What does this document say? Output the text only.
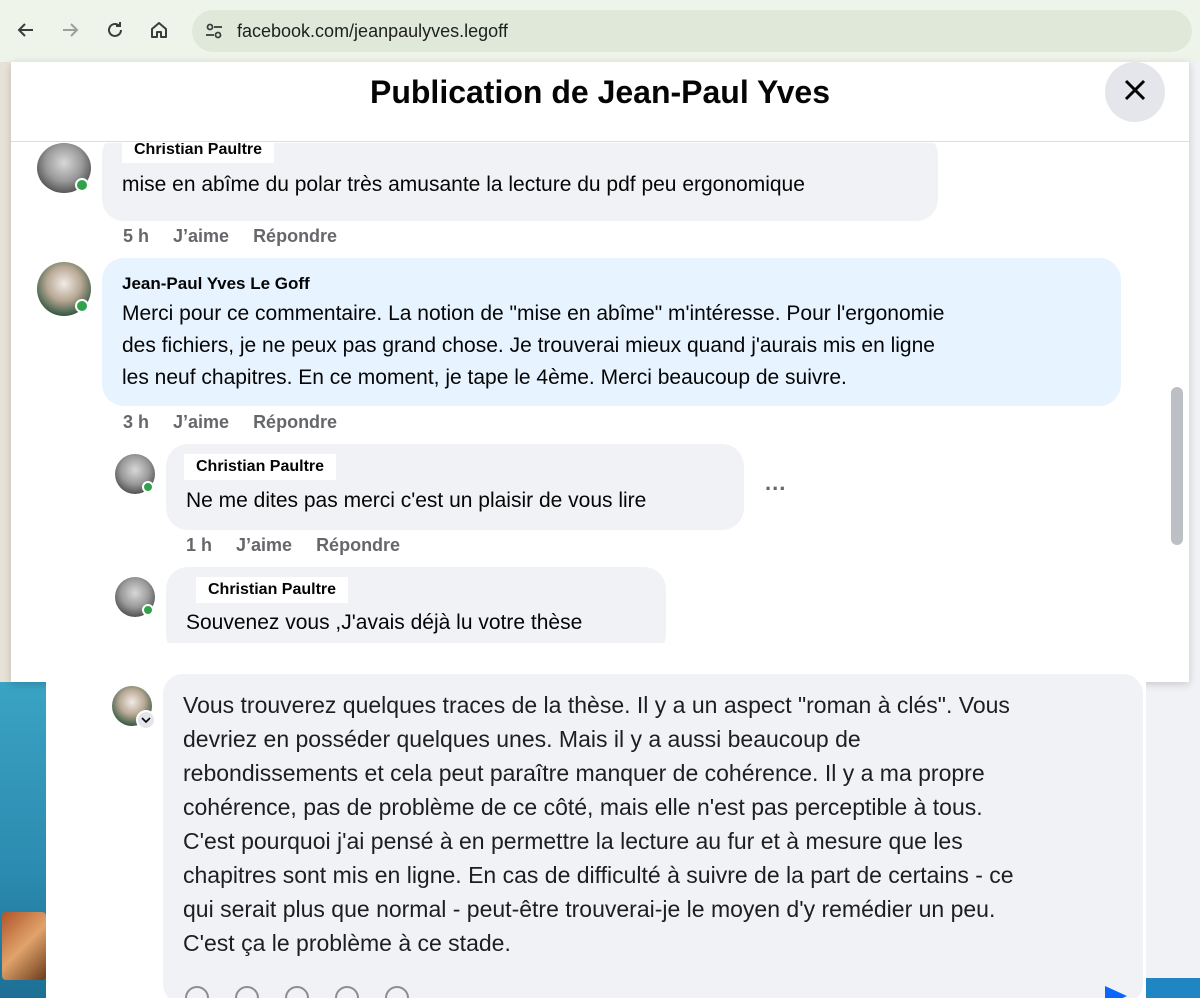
facebook.com/jeanpaulyves.legoff
Publication de Jean-Paul Yves
Christian Paultre
mise en abîme du polar très amusante la lecture du pdf peu ergonomique
5 h J’aime Répondre
Jean-Paul Yves Le Goff
Merci pour ce commentaire. La notion de "mise en abîme" m'intéresse. Pour l'ergonomie
des fichiers, je ne peux pas grand chose. Je trouverai mieux quand j'aurais mis en ligne
les neuf chapitres. En ce moment, je tape le 4ème. Merci beaucoup de suivre.
3 h J’aime Répondre
Christian Paultre
Ne me dites pas merci c'est un plaisir de vous lire
...
1 h J’aime Répondre
Christian Paultre
Souvenez vous ,J'avais déjà lu votre thèse
Vous trouverez quelques traces de la thèse. Il y a un aspect "roman à clés". Vous
devriez en posséder quelques unes. Mais il y a aussi beaucoup de
rebondissements et cela peut paraître manquer de cohérence. Il y a ma propre
cohérence, pas de problème de ce côté, mais elle n'est pas perceptible à tous.
C'est pourquoi j'ai pensé à en permettre la lecture au fur et à mesure que les
chapitres sont mis en ligne. En cas de difficulté à suivre de la part de certains - ce
qui serait plus que normal - peut-être trouverai-je le moyen d'y remédier un peu.
C'est ça le problème à ce stade.
